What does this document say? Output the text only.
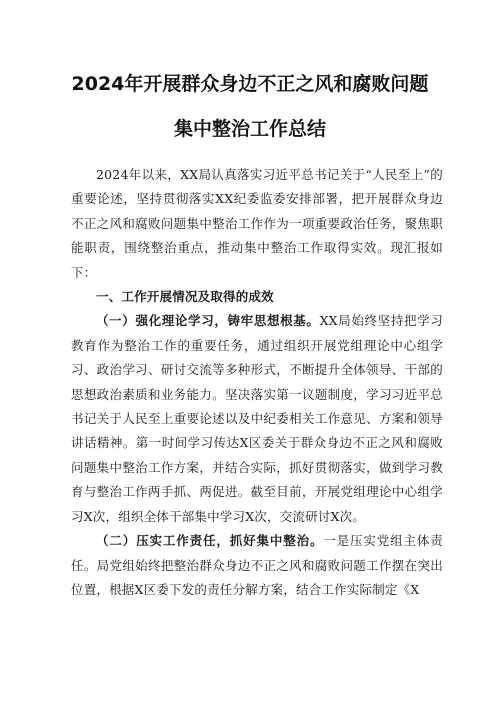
2024年开展群众身边不正之风和腐败问题
集中整治工作总结

2024年以来，XX局认真落实习近平总书记关于“人民至上”的重要论述，坚持贯彻落实XX纪委监委安排部署，把开展群众身边不正之风和腐败问题集中整治工作作为一项重要政治任务，聚焦职能职责，围绕整治重点，推动集中整治工作取得实效。现汇报如下：

一、工作开展情况及取得的成效

（一）强化理论学习，铸牢思想根基。XX局始终坚持把学习教育作为整治工作的重要任务，通过组织开展党组理论中心组学习、政治学习、研讨交流等多种形式，不断提升全体领导、干部的思想政治素质和业务能力。坚决落实第一议题制度，学习习近平总书记关于人民至上重要论述以及中纪委相关工作意见、方案和领导讲话精神。第一时间学习传达X区委关于群众身边不正之风和腐败问题集中整治工作方案，并结合实际，抓好贯彻落实，做到学习教育与整治工作两手抓、两促进。截至目前，开展党组理论中心组学习X次，组织全体干部集中学习X次，交流研讨X次。

（二）压实工作责任，抓好集中整治。一是压实党组主体责任。局党组始终把整治群众身边不正之风和腐败问题工作摆在突出位置，根据X区委下发的责任分解方案，结合工作实际制定《X
